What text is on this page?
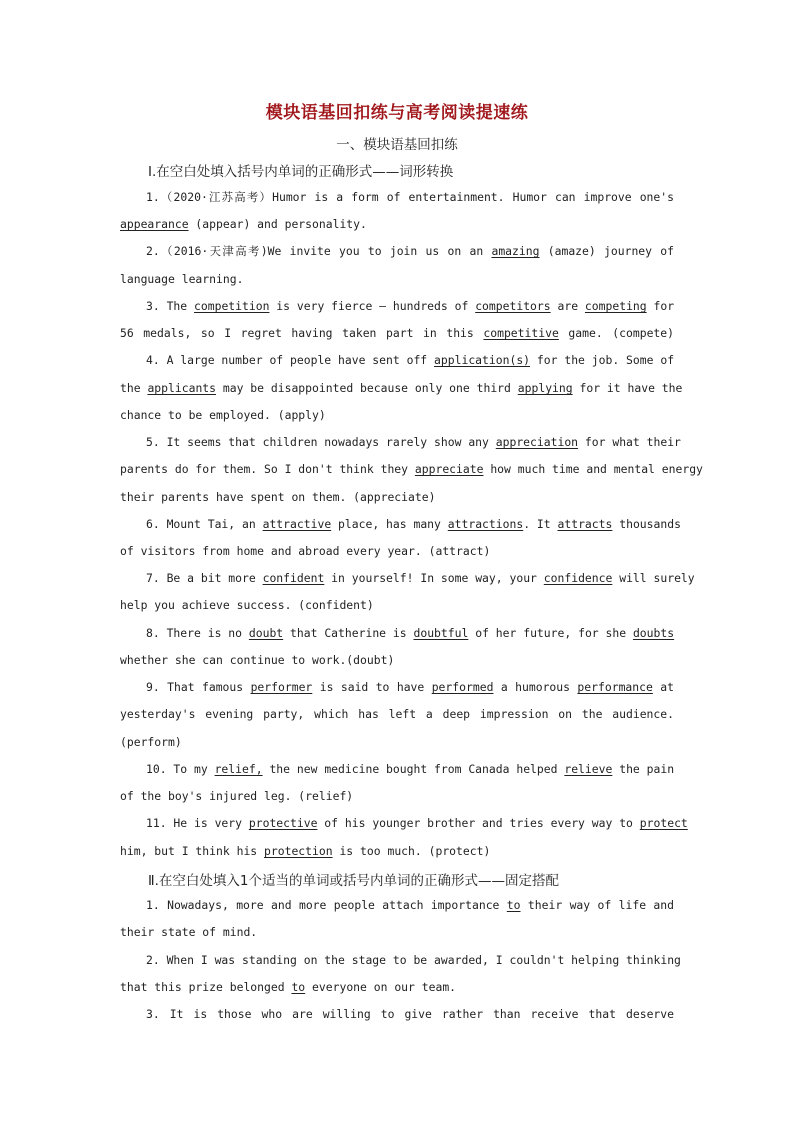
模块语基回扣练与高考阅读提速练
一、模块语基回扣练
Ⅰ.在空白处填入括号内单词的正确形式——词形转换
Ⅱ.在空白处填入1个适当的单词或括号内单词的正确形式——固定搭配
1.（2020·江苏高考）Humor is a form of entertainment. Humor can improve one's
appearance (appear) and personality.
2.（2016·天津高考)We invite you to join us on an amazing (amaze) journey of
language learning.
3. The competition is very fierce — hundreds of competitors are competing for
56 medals, so I regret having taken part in this competitive game. (compete)
4. A large number of people have sent off application(s) for the job. Some of
the applicants may be disappointed because only one third applying for it have the
chance to be employed. (apply)
5. It seems that children nowadays rarely show any appreciation for what their
parents do for them. So I don't think they appreciate how much time and mental energy
their parents have spent on them. (appreciate)
6. Mount Tai, an attractive place, has many attractions. It attracts thousands
of visitors from home and abroad every year. (attract)
7. Be a bit more confident in yourself! In some way, your confidence will surely
help you achieve success. (confident)
8. There is no doubt that Catherine is doubtful of her future, for she doubts
whether she can continue to work.(doubt)
9. That famous performer is said to have performed a humorous performance at
yesterday's evening party, which has left a deep impression on the audience.
(perform)
10. To my relief, the new medicine bought from Canada helped relieve the pain
of the boy's injured leg. (relief)
11. He is very protective of his younger brother and tries every way to protect
him, but I think his protection is too much. (protect)
1. Nowadays, more and more people attach importance to their way of life and
their state of mind.
2. When I was standing on the stage to be awarded, I couldn't helping thinking
that this prize belonged to everyone on our team.
3. It is those who are willing to give rather than receive that deserve
